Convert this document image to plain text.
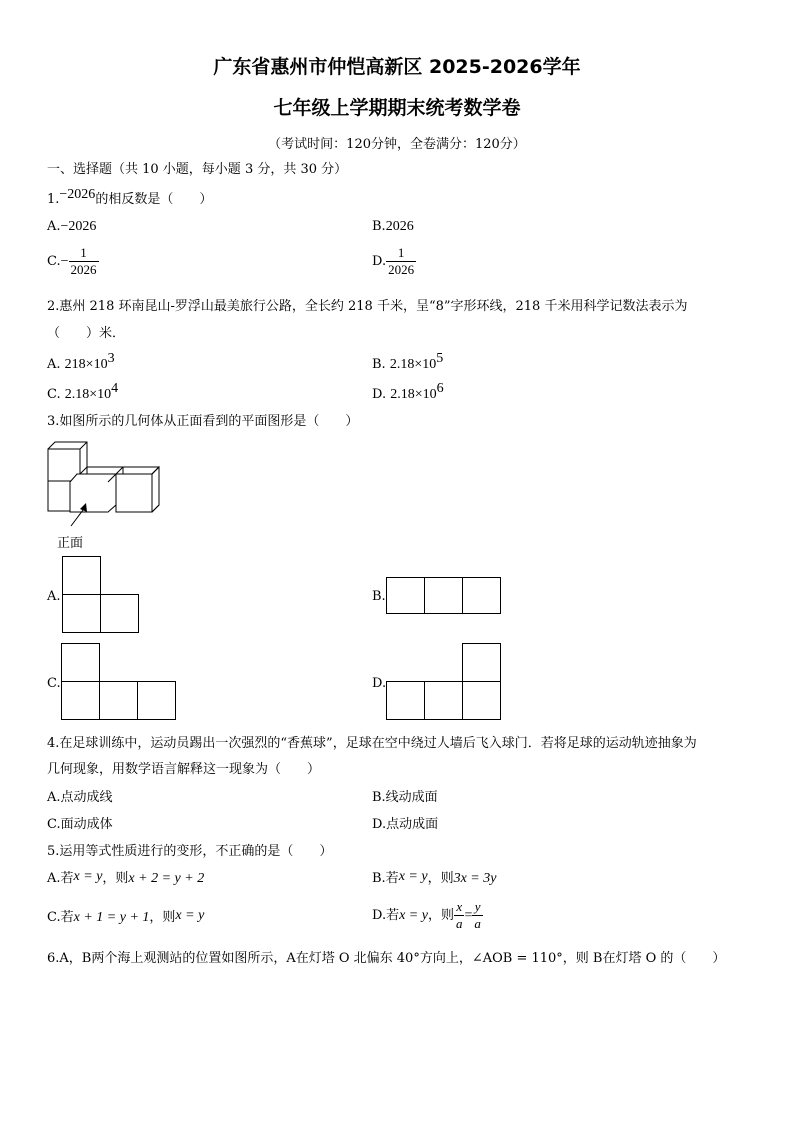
广东省惠州市仲恺高新区 2025-2026学年
七年级上学期期末统考数学卷
（考试时间：120分钟，全卷满分：120分）
一、选择题（共 10 小题，每小题 3 分，共 30 分）
1.−2026的相反数是（　　）
A.−2026	B.2026
$C.- \frac{1}{2026}$	D. $\frac{1}{2026}$
2.惠州 218 环南昆山-罗浮山最美旅行公路，全长约 218 千米，呈“8”字形环线，218 千米用科学记数法表示为
（　　）米．
A. $218\times 10^3$	B. $2.18\times 10^5$
C. $2.18\times 10^4$	D. $2.18\times 10^6$
3.如图所示的几何体从正面看到的平面图形是（　　）
正面
A.	B.
C.	D.
4.在足球训练中，运动员踢出一次强烈的“香蕉球”，足球在空中绕过人墙后飞入球门．若将足球的运动轨迹抽象为
几何现象，用数学语言解释这一现象为（　　）
A.点动成线	B.线动成面
C.面动成体	D.点动成面
5.运用等式性质进行的变形，不正确的是（　　）
A.若x = y，则x + 2 = y + 2	B.若x = y，则3x = 3y
C.若x + 1 = y + 1，则x = y	D.若x = y，则 $\frac{x}{a} = \frac{y}{a}$
6.A，B两个海上观测站的位置如图所示，A在灯塔 O 北偏东 40°方向上，∠AOB = 110°，则 B在灯塔 O 的（　　）
